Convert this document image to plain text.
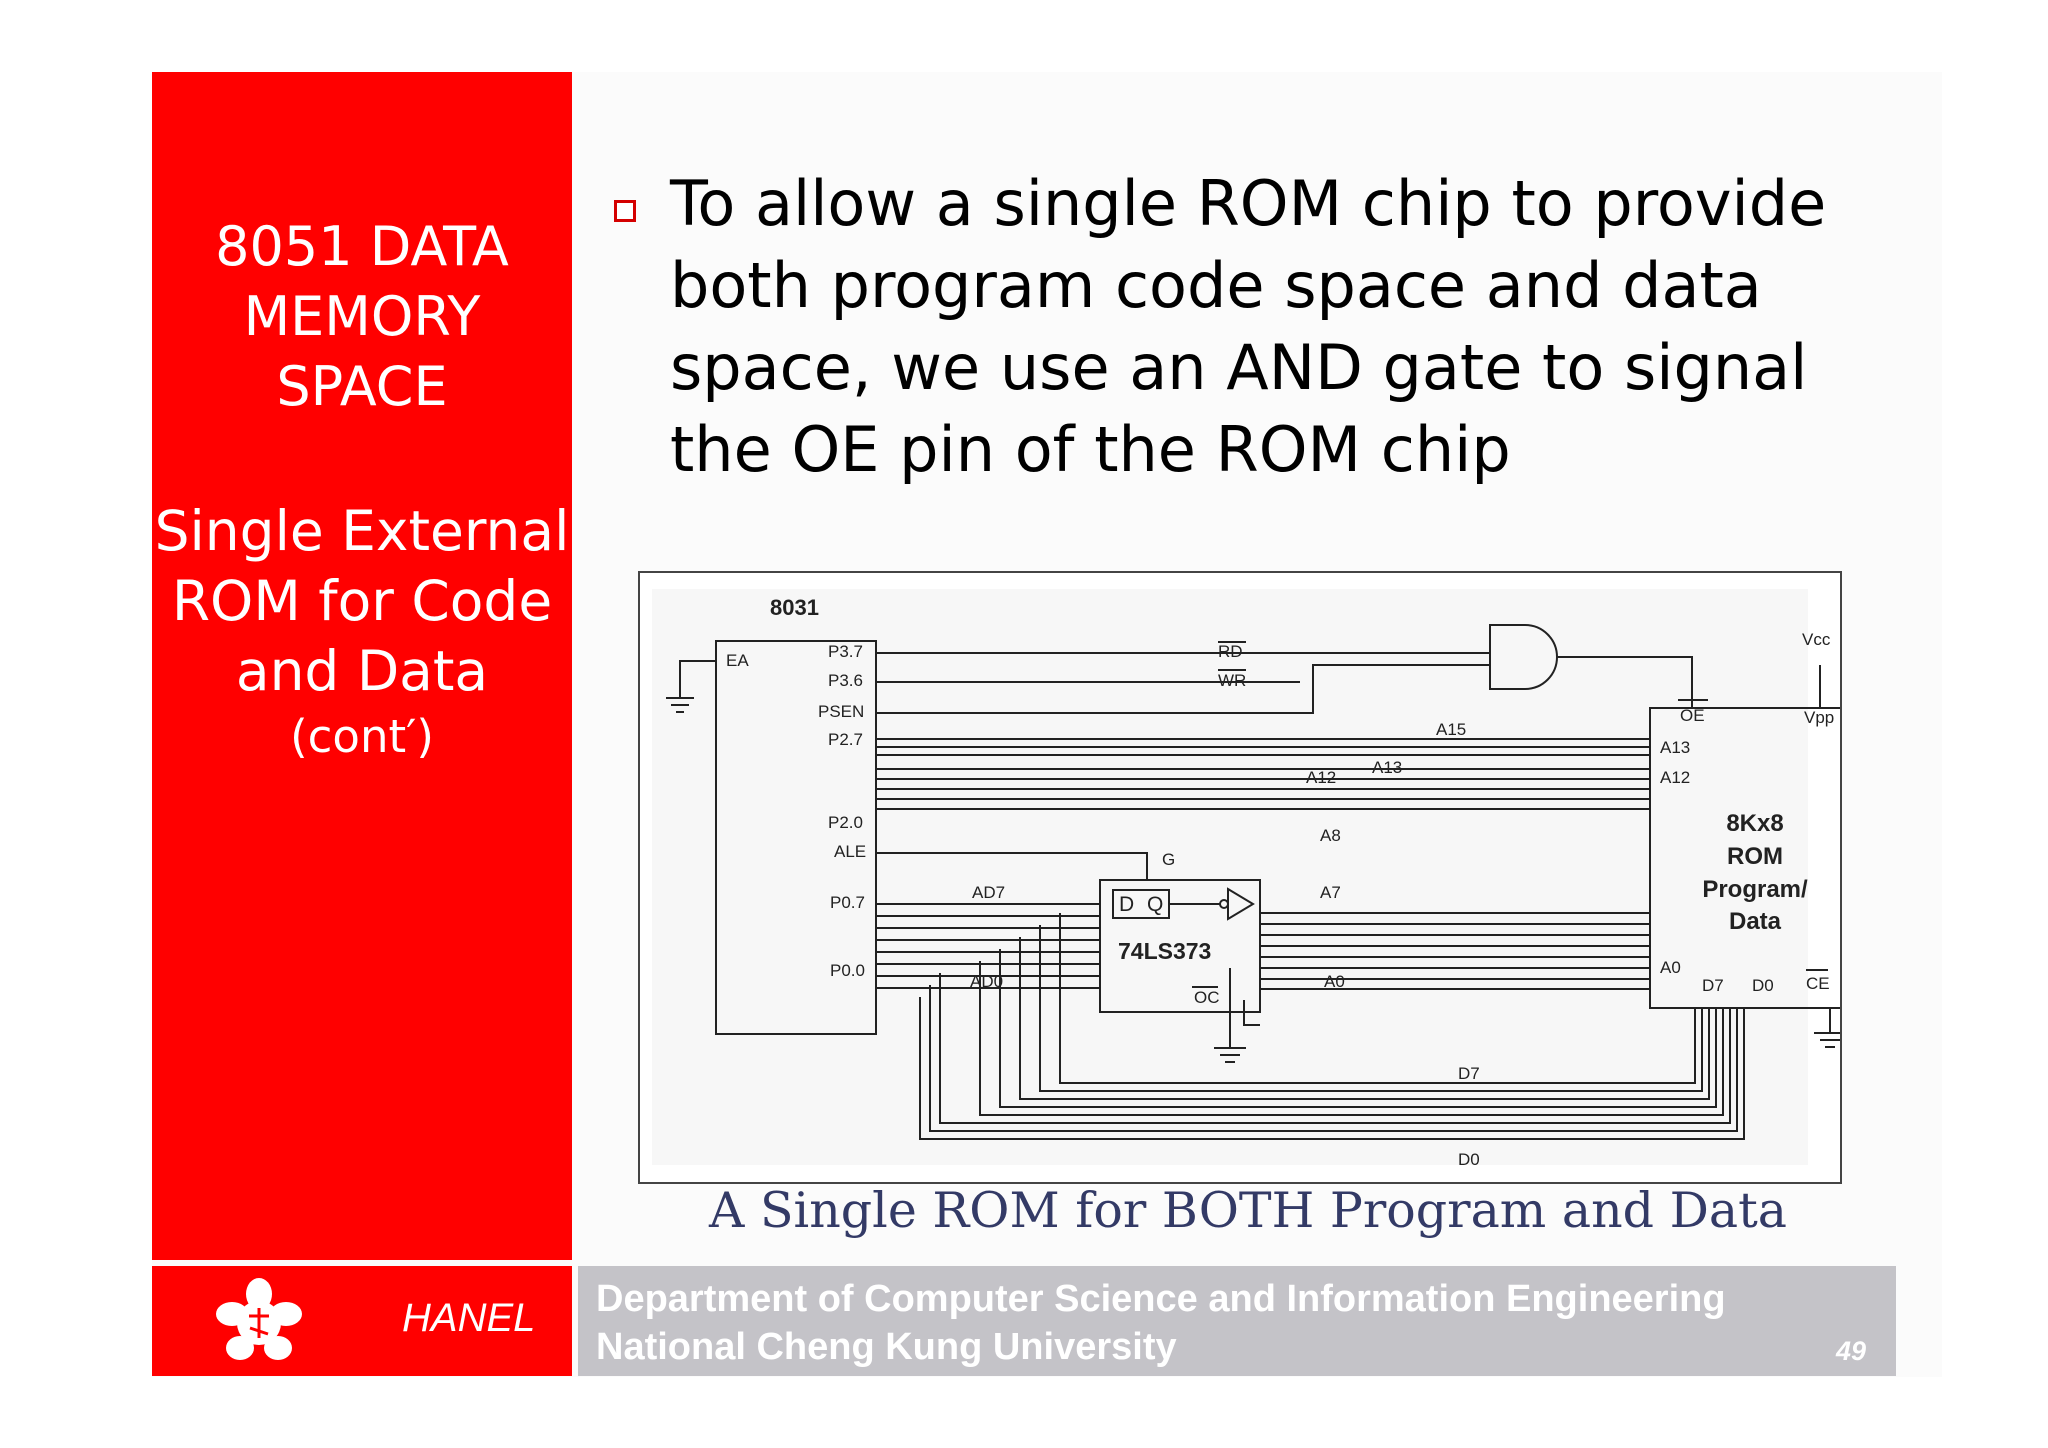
8051 DATA MEMORY SPACE
Single External ROM for Code and Data
(cont′)
To allow a single ROM chip to provide both program code space and data space, we use an AND gate to signal the OE pin of the ROM chip
8031
EA	P3.7
P3.6
PSEN
P2.7
P2.0
ALE
P0.7
P0.0
RD
WR
A15
A12
A13
A8
A7
A0
AD7
AD0
G
D Q
74LS373
OC
Vcc
OE	Vpp
A13
A12
8Kx8
ROM
Program/
Data
A0
D7 D0 CE
D7
D0
A Single ROM for BOTH Program and Data
HANEL Department of Computer Science and Information Engineering
National Cheng Kung University	49
